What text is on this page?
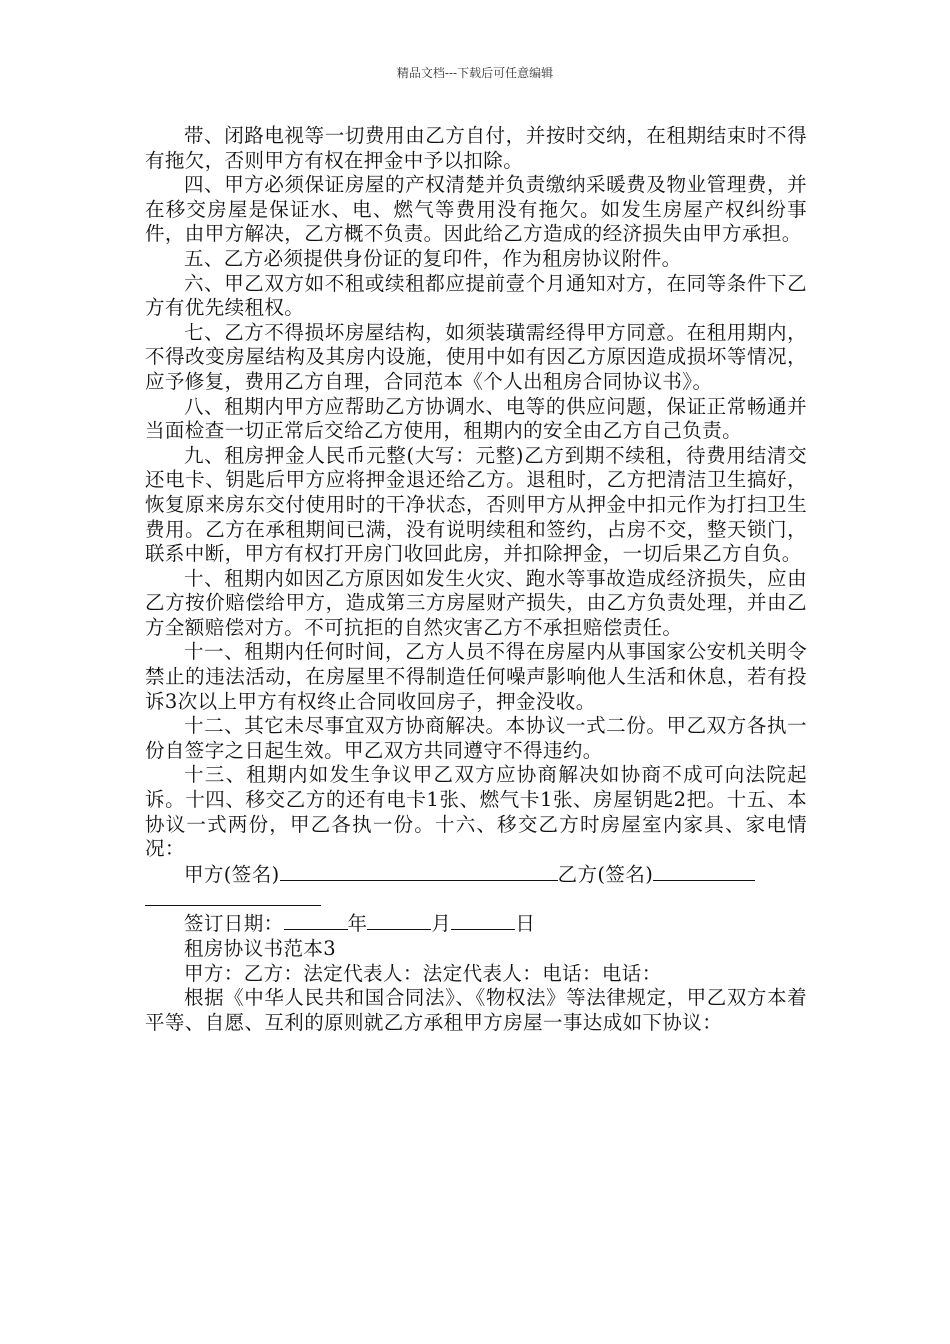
精品文档---下载后可任意编辑

带、闭路电视等一切费用由乙方自付，并按时交纳，在租期结束时不得有拖欠，否则甲方有权在押金中予以扣除。

四、甲方必须保证房屋的产权清楚并负责缴纳采暖费及物业管理费，并在移交房屋是保证水、电、燃气等费用没有拖欠。如发生房屋产权纠纷事件，由甲方解决，乙方概不负责。因此给乙方造成的经济损失由甲方承担。

五、乙方必须提供身份证的复印件，作为租房协议附件。

六、甲乙双方如不租或续租都应提前壹个月通知对方，在同等条件下乙方有优先续租权。

七、乙方不得损坏房屋结构，如须装璜需经得甲方同意。在租用期内，不得改变房屋结构及其房内设施，使用中如有因乙方原因造成损坏等情况，应予修复，费用乙方自理，合同范本《个人出租房合同协议书》。

八、租期内甲方应帮助乙方协调水、电等的供应问题，保证正常畅通并当面检查一切正常后交给乙方使用，租期内的安全由乙方自己负责。

九、租房押金人民币元整(大写：元整)乙方到期不续租，待费用结清交还电卡、钥匙后甲方应将押金退还给乙方。退租时，乙方把清洁卫生搞好，恢复原来房东交付使用时的干净状态，否则甲方从押金中扣元作为打扫卫生费用。乙方在承租期间已满，没有说明续租和签约，占房不交，整天锁门，联系中断，甲方有权打开房门收回此房，并扣除押金，一切后果乙方自负。

十、租期内如因乙方原因如发生火灾、跑水等事故造成经济损失，应由乙方按价赔偿给甲方，造成第三方房屋财产损失，由乙方负责处理，并由乙方全额赔偿对方。不可抗拒的自然灾害乙方不承担赔偿责任。

十一、租期内任何时间，乙方人员不得在房屋内从事国家公安机关明令禁止的违法活动，在房屋里不得制造任何噪声影响他人生活和休息，若有投诉3次以上甲方有权终止合同收回房子，押金没收。

十二、其它未尽事宜双方协商解决。本协议一式二份。甲乙双方各执一份自签字之日起生效。甲乙双方共同遵守不得违约。

十三、租期内如发生争议甲乙双方应协商解决如协商不成可向法院起诉。十四、移交乙方的还有电卡1张、燃气卡1张、房屋钥匙2把。十五、本协议一式两份，甲乙各执一份。十六、移交乙方时房屋室内家具、家电情况：

甲方(签名)	乙方(签名)

签订日期：	年	月	日

租房协议书范本3

甲方：乙方：法定代表人：法定代表人：电话：电话：

根据《中华人民共和国合同法》、《物权法》等法律规定，甲乙双方本着平等、自愿、互利的原则就乙方承租甲方房屋一事达成如下协议：
